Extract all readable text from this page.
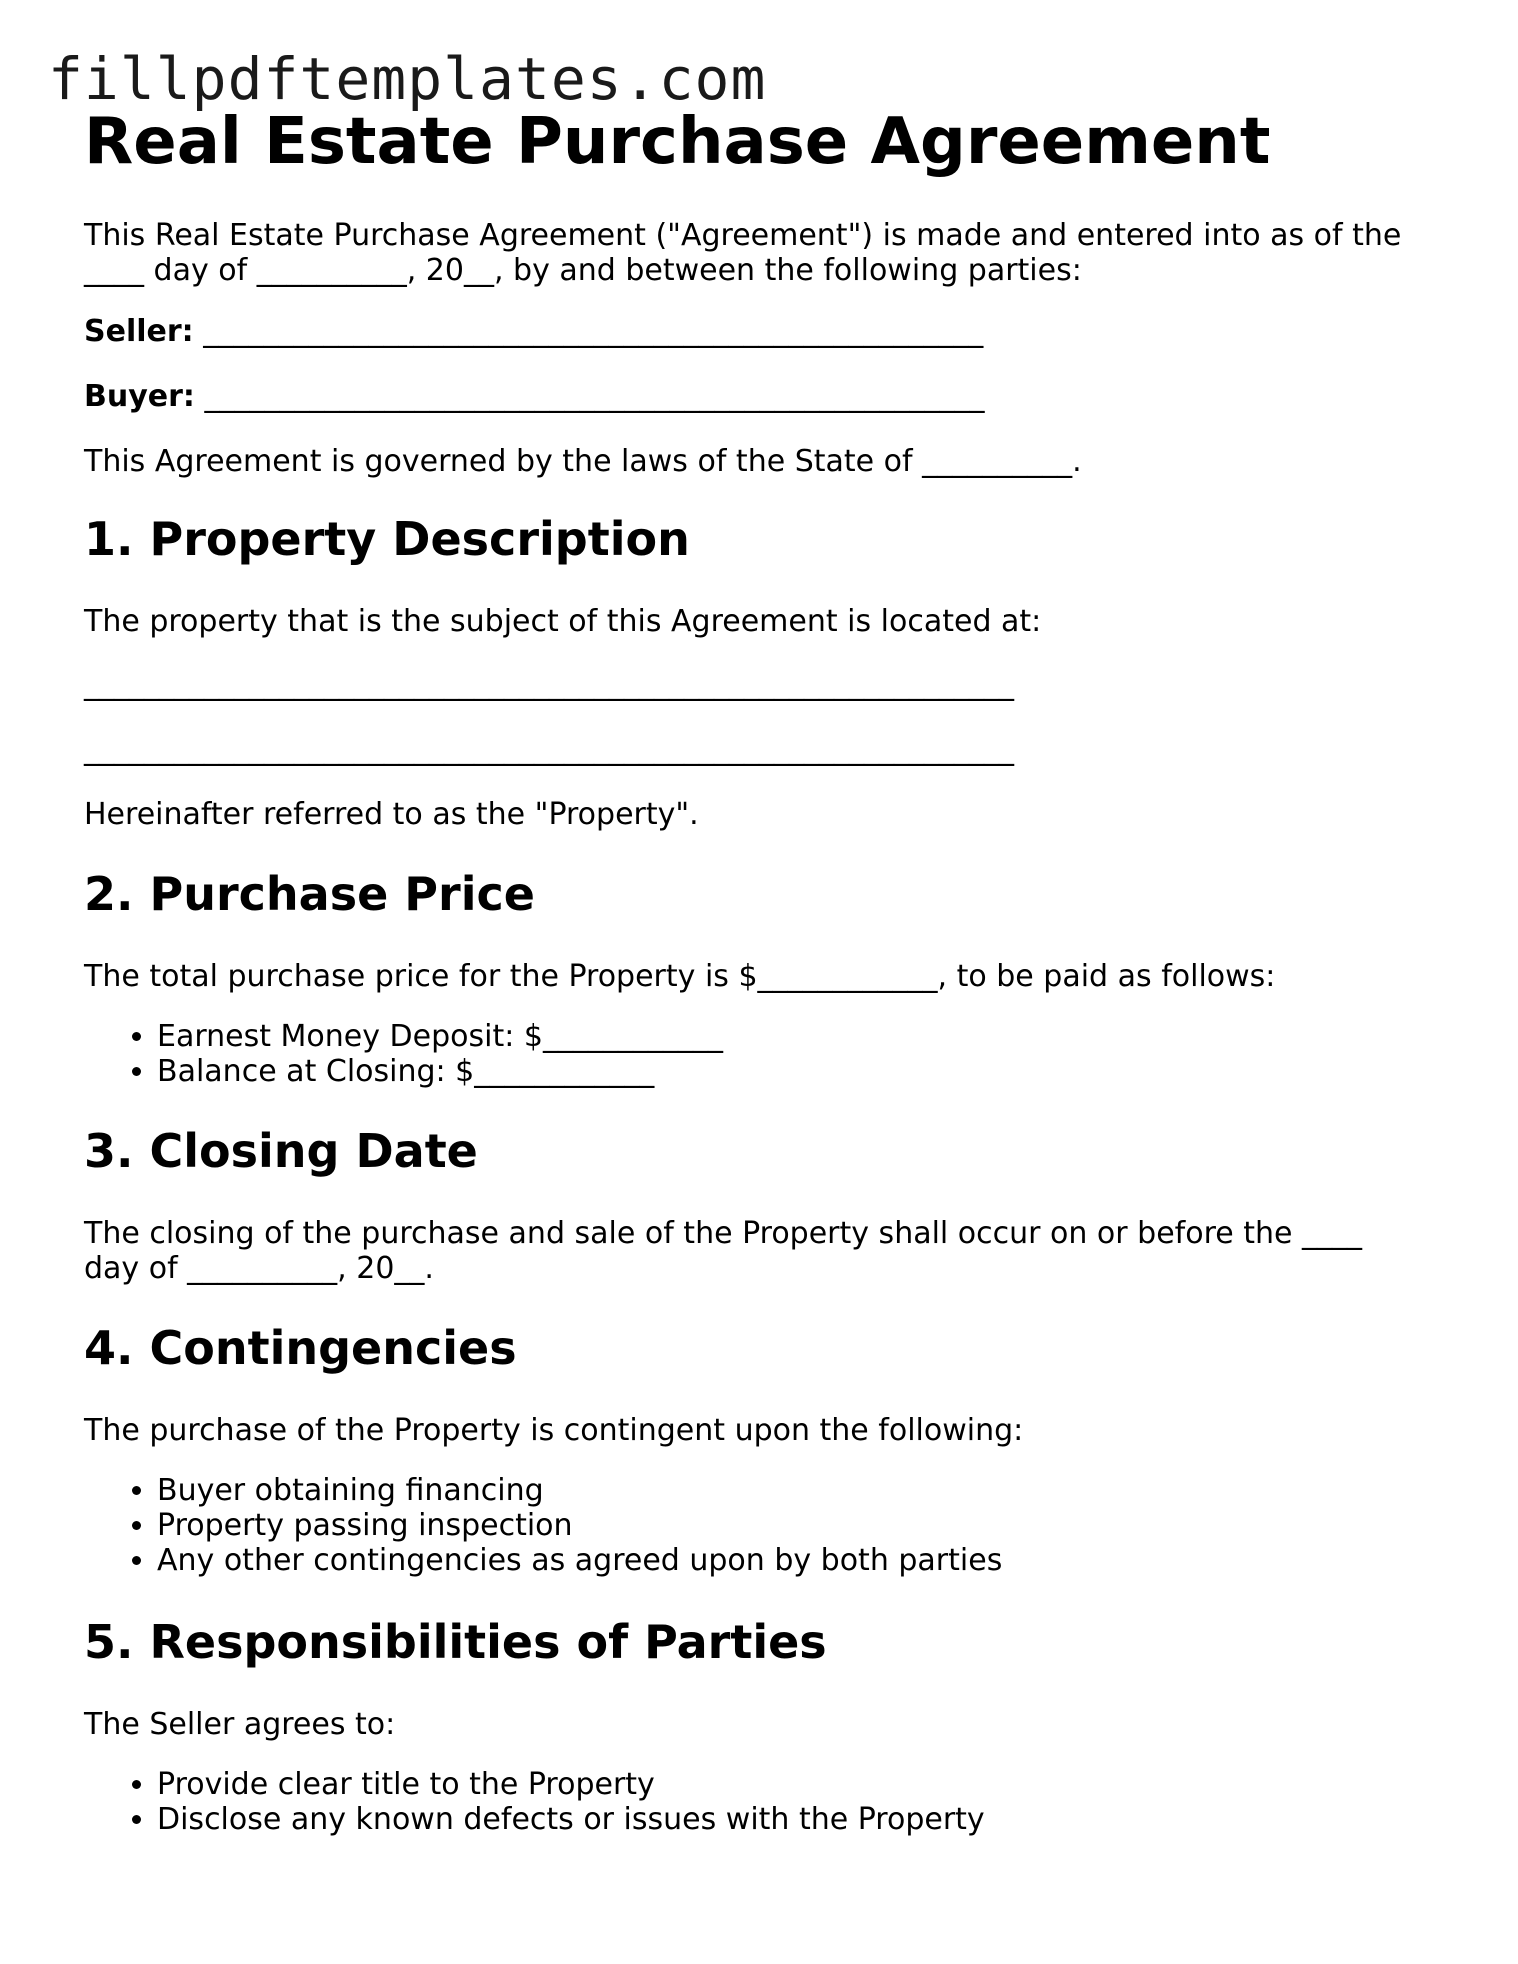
fillpdftemplates.com
Real Estate Purchase Agreement

This Real Estate Purchase Agreement ("Agreement") is made and entered into as of the ____ day of __________, 20__, by and between the following parties:

Seller: ____________________________________________________

Buyer: ____________________________________________________

This Agreement is governed by the laws of the State of __________.

1. Property Description

The property that is the subject of this Agreement is located at:

______________________________________________________________

______________________________________________________________

Hereinafter referred to as the "Property".

2. Purchase Price

The total purchase price for the Property is $____________, to be paid as follows:

• Earnest Money Deposit: $____________
• Balance at Closing: $____________
3. Closing Date

The closing of the purchase and sale of the Property shall occur on or before the ____ day of __________, 20__.

4. Contingencies

The purchase of the Property is contingent upon the following:

• Buyer obtaining financing
• Property passing inspection
• Any other contingencies as agreed upon by both parties
5. Responsibilities of Parties

The Seller agrees to:

• Provide clear title to the Property
• Disclose any known defects or issues with the Property
